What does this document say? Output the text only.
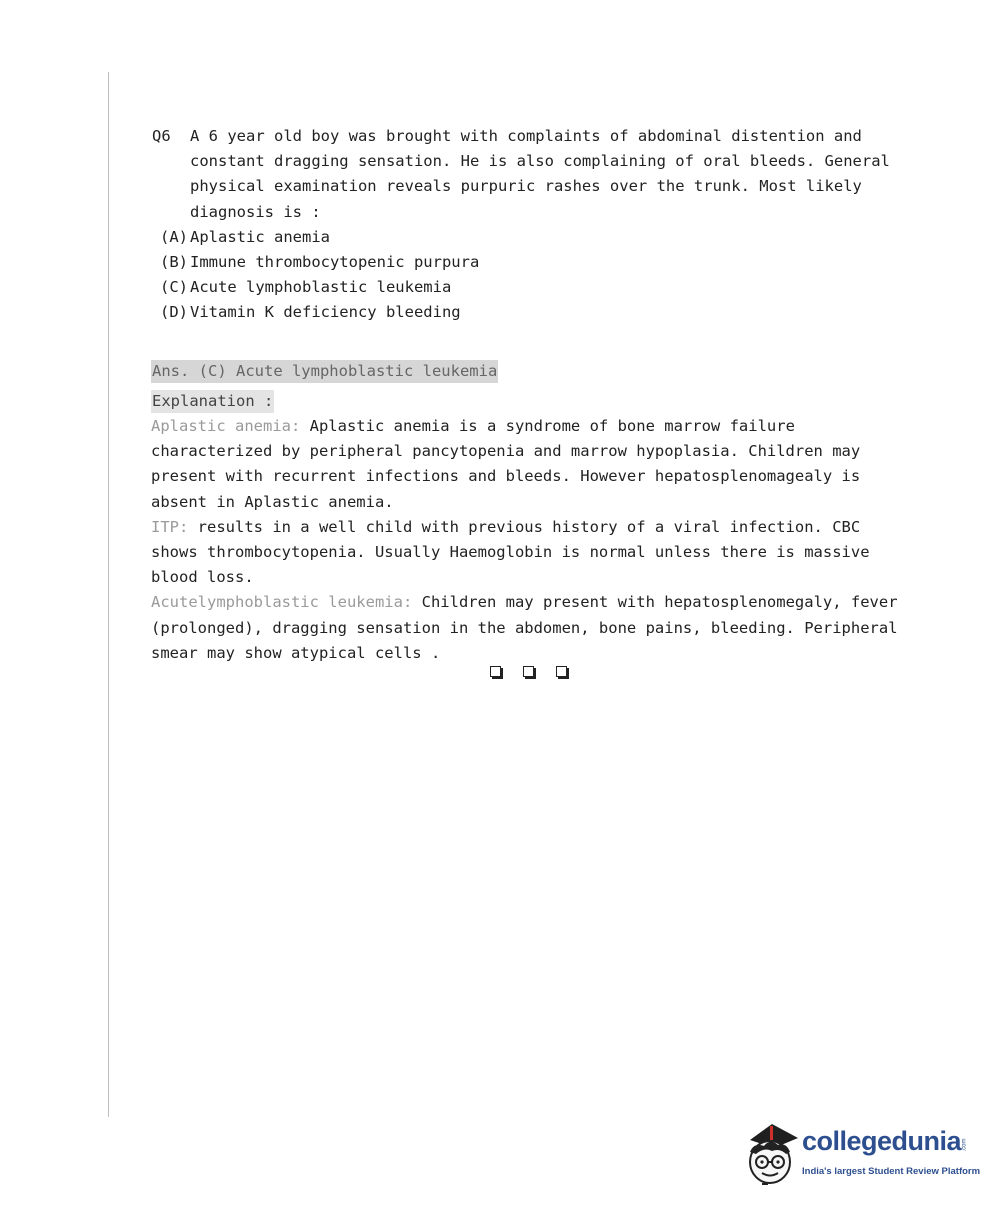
Q6	A 6 year old boy was brought with complaints of abdominal distention and constant dragging sensation. He is also complaining of oral bleeds. General physical examination reveals purpuric rashes over the trunk. Most likely diagnosis is :
(A) Aplastic anemia
(B) Immune thrombocytopenic purpura
(C) Acute lymphoblastic leukemia
(D) Vitamin K deficiency bleeding
Ans. (C) Acute lymphoblastic leukemia
Explanation :
Aplastic anemia: Aplastic anemia is a syndrome of bone marrow failure characterized by peripheral pancytopenia and marrow hypoplasia. Children may present with recurrent infections and bleeds. However hepatosplenomagealy is absent in Aplastic anemia.
ITP: results in a well child with previous history of a viral infection. CBC shows thrombocytopenia. Usually Haemoglobin is normal unless there is massive blood loss.
Acutelymphoblastic leukemia: Children may present with hepatosplenomegaly, fever (prolonged), dragging sensation in the abdomen, bone pains, bleeding. Peripheral smear may show atypical cells .
collegedunia .com
India's largest Student Review Platform
